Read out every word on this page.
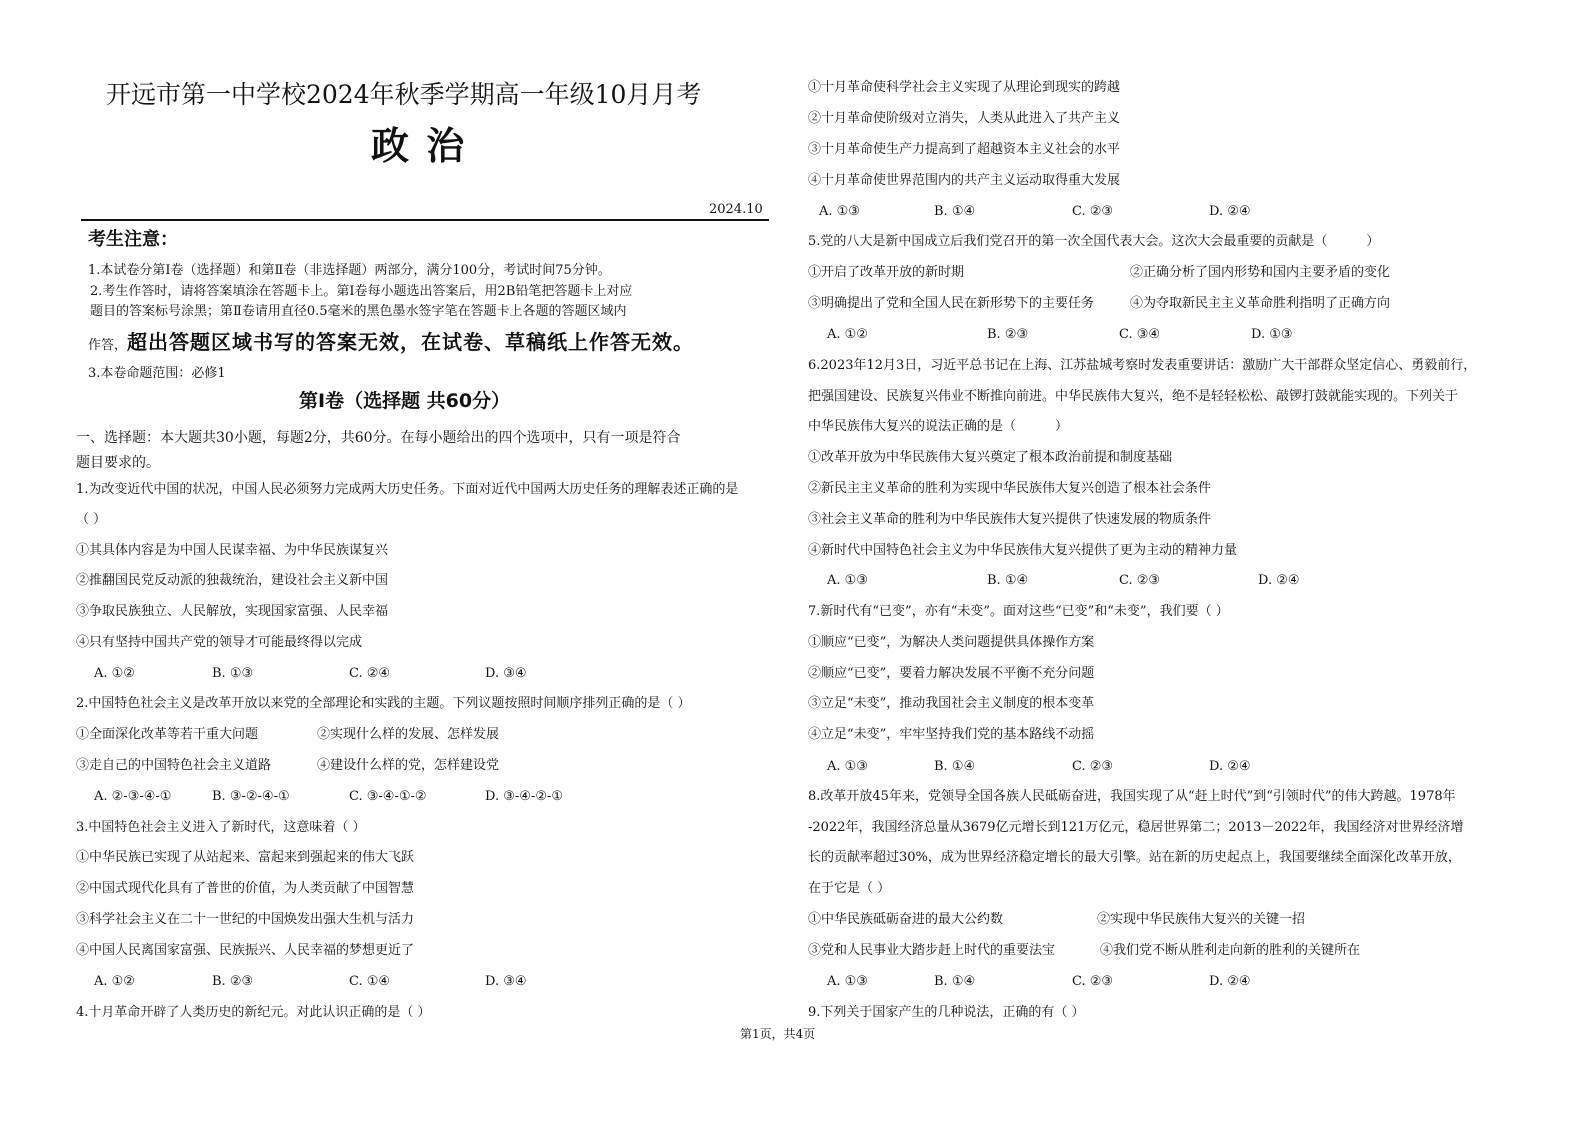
开远市第一中学校2024年秋季学期高一年级10月月考
政 治
2024.10
考生注意：
1.本试卷分第Ⅰ卷（选择题）和第Ⅱ卷（非选择题）两部分，满分100分，考试时间75分钟。
2.考生作答时，请将答案填涂在答题卡上。第Ⅰ卷每小题选出答案后，用2B铅笔把答题卡上对应
题目的答案标号涂黑；第Ⅱ卷请用直径0.5毫米的黑色墨水签字笔在答题卡上各题的答题区域内
作答，超出答题区域书写的答案无效，在试卷、草稿纸上作答无效。
3.本卷命题范围：必修1
第Ⅰ卷（选择题 共60分）
一、选择题：本大题共30小题，每题2分，共60分。在每小题给出的四个选项中，只有一项是符合
题目要求的。
1.为改变近代中国的状况，中国人民必须努力完成两大历史任务。下面对近代中国两大历史任务的理解表述正确的是
（ ）
①其具体内容是为中国人民谋幸福、为中华民族谋复兴
②推翻国民党反动派的独裁统治，建设社会主义新中国
③争取民族独立、人民解放，实现国家富强、人民幸福
④只有坚持中国共产党的领导才可能最终得以完成
A. ①②	B. ①③	C. ②④	D. ③④
2.中国特色社会主义是改革开放以来党的全部理论和实践的主题。下列议题按照时间顺序排列正确的是（ ）
①全面深化改革等若干重大问题	②实现什么样的发展、怎样发展
③走自己的中国特色社会主义道路	④建设什么样的党，怎样建设党
A. ②-③-④-①	B. ③-②-④-①	C. ③-④-①-②	D. ③-④-②-①
3.中国特色社会主义进入了新时代，这意味着（ ）
①中华民族已实现了从站起来、富起来到强起来的伟大飞跃
②中国式现代化具有了普世的价值，为人类贡献了中国智慧
③科学社会主义在二十一世纪的中国焕发出强大生机与活力
④中国人民离国家富强、民族振兴、人民幸福的梦想更近了
A. ①②	B. ②③	C. ①④	D. ③④
4.十月革命开辟了人类历史的新纪元。对此认识正确的是（ ）
①十月革命使科学社会主义实现了从理论到现实的跨越
②十月革命使阶级对立消失，人类从此进入了共产主义
③十月革命使生产力提高到了超越资本主义社会的水平
④十月革命使世界范围内的共产主义运动取得重大发展
A. ①③	B. ①④	C. ②③	D. ②④
5.党的八大是新中国成立后我们党召开的第一次全国代表大会。这次大会最重要的贡献是（　　　）
①开启了改革开放的新时期	②正确分析了国内形势和国内主要矛盾的变化
③明确提出了党和全国人民在新形势下的主要任务	④为夺取新民主主义革命胜利指明了正确方向
A. ①②	B. ②③	C. ③④	D. ①③
6.2023年12月3日，习近平总书记在上海、江苏盐城考察时发表重要讲话：激励广大干部群众坚定信心、勇毅前行，
把强国建设、民族复兴伟业不断推向前进。中华民族伟大复兴，绝不是轻轻松松、敲锣打鼓就能实现的。下列关于
中华民族伟大复兴的说法正确的是（　　　）
①改革开放为中华民族伟大复兴奠定了根本政治前提和制度基础
②新民主主义革命的胜利为实现中华民族伟大复兴创造了根本社会条件
③社会主义革命的胜利为中华民族伟大复兴提供了快速发展的物质条件
④新时代中国特色社会主义为中华民族伟大复兴提供了更为主动的精神力量
A. ①③	B. ①④	C. ②③	D. ②④
7.新时代有“已变”，亦有“未变”。面对这些“已变”和“未变”，我们要（ ）
①顺应“已变”，为解决人类问题提供具体操作方案
②顺应“已变”，要着力解决发展不平衡不充分问题
③立足“未变”，推动我国社会主义制度的根本变革
④立足“未变”，牢牢坚持我们党的基本路线不动摇
A. ①③	B. ①④	C. ②③	D. ②④
8.改革开放45年来，党领导全国各族人民砥砺奋进，我国实现了从“赶上时代”到“引领时代”的伟大跨越。1978年
-2022年，我国经济总量从3679亿元增长到121万亿元，稳居世界第二；2013－2022年，我国经济对世界经济增
长的贡献率超过30%，成为世界经济稳定增长的最大引擎。站在新的历史起点上，我国要继续全面深化改革开放，
在于它是（ ）
①中华民族砥砺奋进的最大公约数	②实现中华民族伟大复兴的关键一招
③党和人民事业大踏步赶上时代的重要法宝	④我们党不断从胜利走向新的胜利的关键所在
A. ①③	B. ①④	C. ②③	D. ②④
9.下列关于国家产生的几种说法，正确的有（ ）
第1页，共4页
